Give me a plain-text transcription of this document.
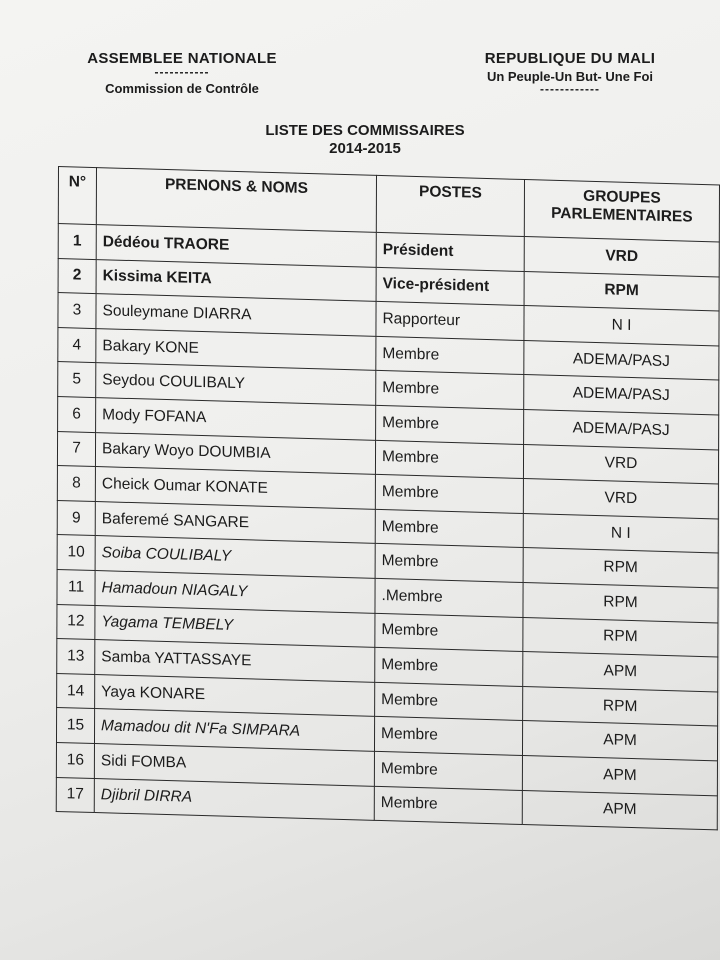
ASSEMBLEE NATIONALE
-----------
Commission de Contrôle
REPUBLIQUE DU MALI
Un Peuple-Un But- Une Foi
------------
LISTE DES COMMISSAIRES
2014-2015
N°	PRENONS & NOMS	POSTES	GROUPES PARLEMENTAIRES
1	Dédéou TRAORE	Président	VRD
2	Kissima KEITA	Vice-président	RPM
3	Souleymane DIARRA	Rapporteur	N I
4	Bakary KONE	Membre	ADEMA/PASJ
5	Seydou COULIBALY	Membre	ADEMA/PASJ
6	Mody FOFANA	Membre	ADEMA/PASJ
7	Bakary Woyo DOUMBIA	Membre	VRD
8	Cheick Oumar KONATE	Membre	VRD
9	Baferemé SANGARE	Membre	N I
10	Soiba COULIBALY	Membre	RPM
11	Hamadoun NIAGALY	.Membre	RPM
12	Yagama TEMBELY	Membre	RPM
13	Samba YATTASSAYE	Membre	APM
14	Yaya KONARE	Membre	RPM
15	Mamadou dit N'Fa SIMPARA	Membre	APM
16	Sidi FOMBA	Membre	APM
17	Djibril DIRRA	Membre	APM
